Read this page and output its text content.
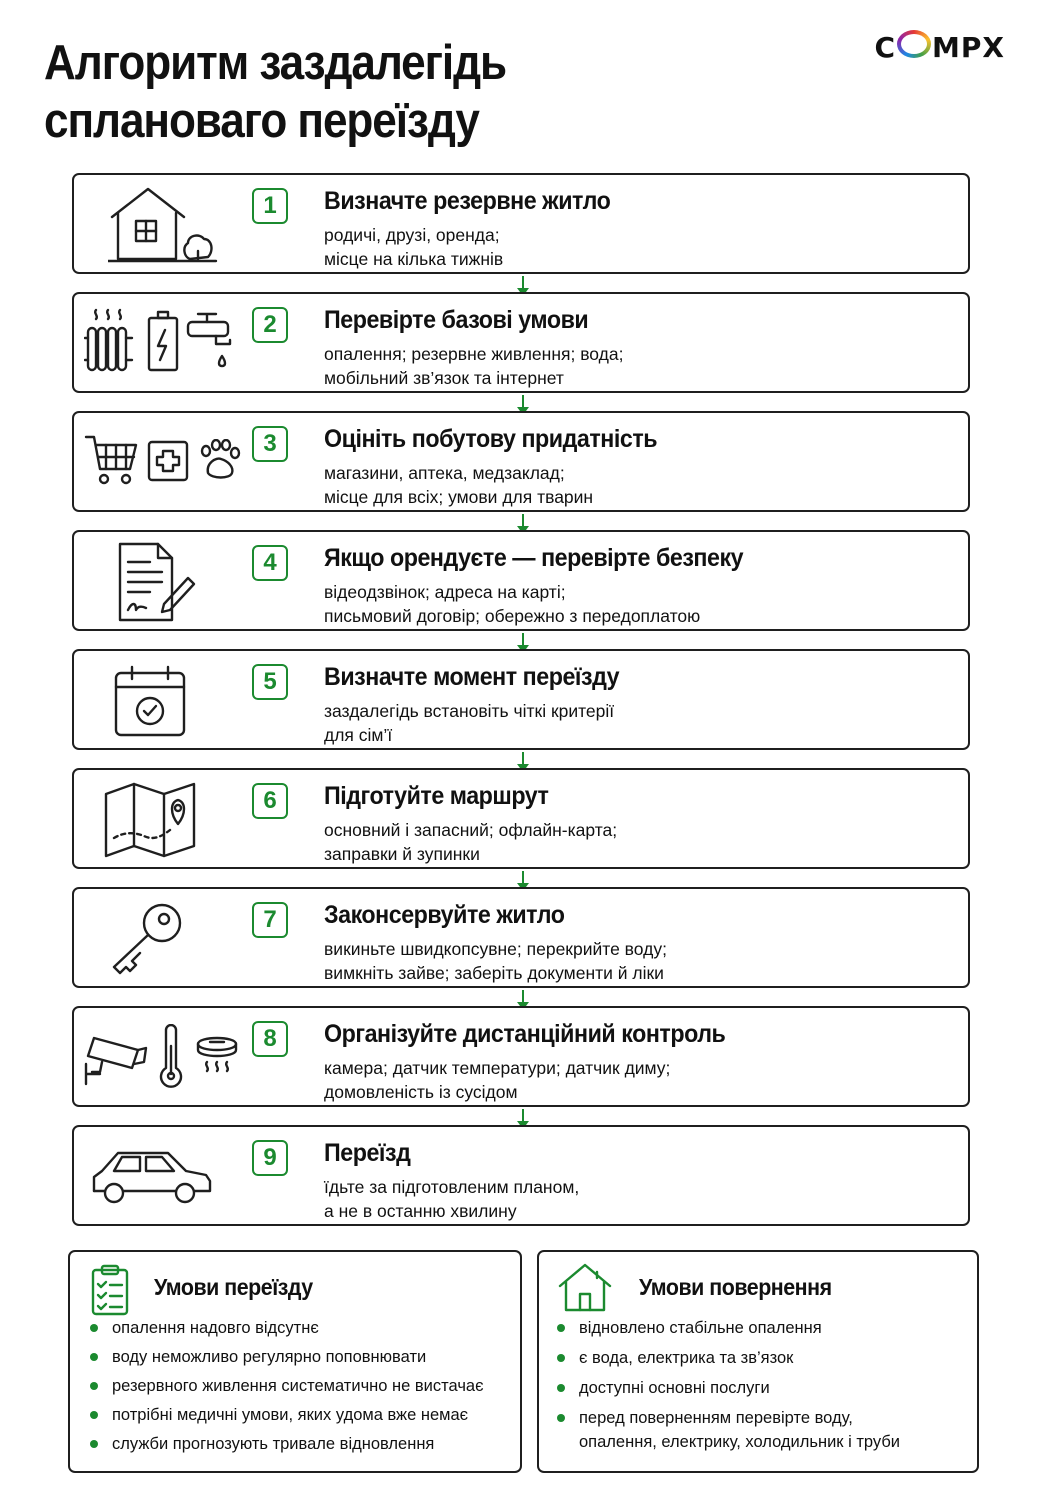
Алгоритм заздалегідь
сплановаго переїзду
C MPX
1	Визначте резервне житло
родичі, друзі, оренда;
місце на кілька тижнів
2	Перевірте базові умови
опалення; резервне живлення; вода;
мобільний зв’язок та інтернет
3	Оцініть побутову придатність
магазини, аптека, медзаклад;
місце для всіх; умови для тварин
4	Якщо орендуєте — перевірте безпеку
відеодзвінок; адреса на карті;
письмовий договір; обережно з передоплатою
5	Визначте момент переїзду
заздалегідь встановіть чіткі критерії
для сім’ї
6	Підготуйте маршрут
основний і запасний; офлайн-карта;
заправки й зупинки
7	Законсервуйте житло
викиньте швидкопсувне; перекрийте воду;
вимкніть зайве; заберіть документи й ліки
8	Організуйте дистанційний контроль
камера; датчик температури; датчик диму;
домовленість із сусідом
9	Переїзд
їдьте за підготовленим планом,
а не в останню хвилину
Умови переїзду
опалення надовго відсутнє
воду неможливо регулярно поповнювати
резервного живлення систематично не вистачає
потрібні медичні умови, яких удома вже немає
служби прогнозують тривале відновлення
Умови повернення
відновлено стабільне опалення
є вода, електрика та зв’язок
доступні основні послуги
перед поверненням перевірте воду,
опалення, електрику, холодильник і труби
